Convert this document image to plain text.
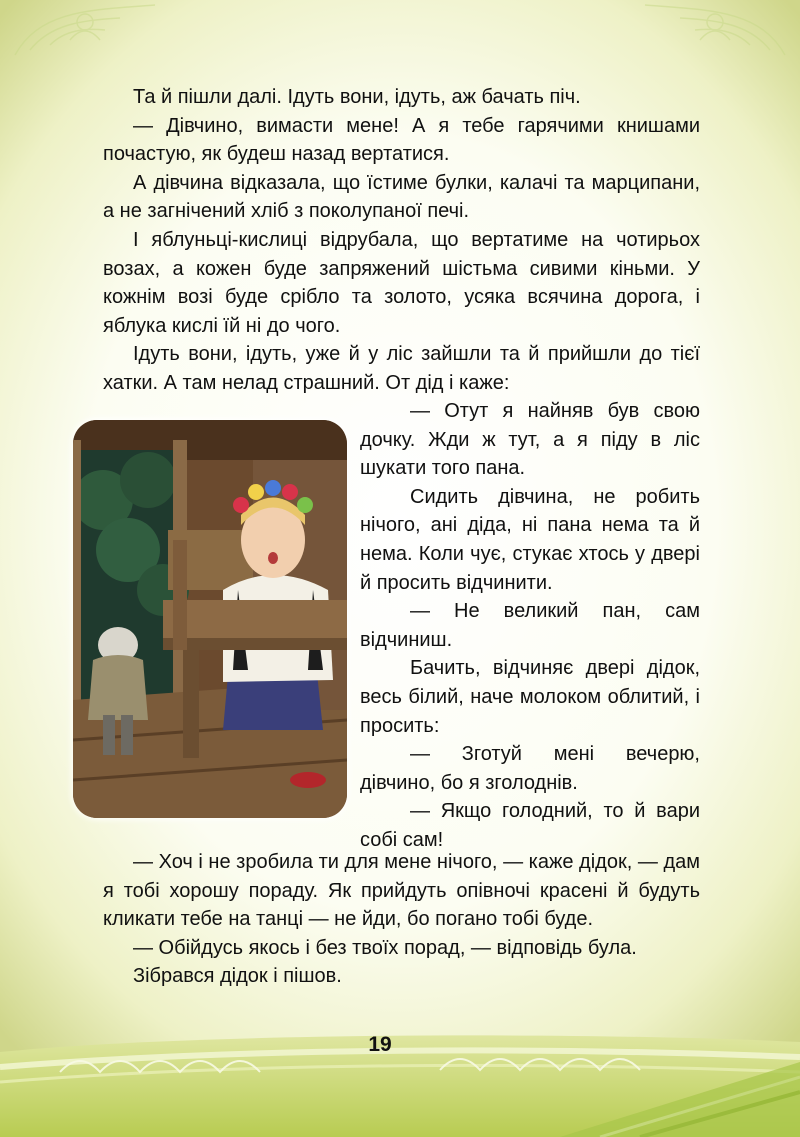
Та й пішли далі. Ідуть вони, ідуть, аж бачать піч.

— Дівчино, вимасти мене! А я тебе гарячими книшами почастую, як будеш назад вертатися.

А дівчина відказала, що їстиме булки, калачі та марципани, а не загнічений хліб з поколупаної печі.

І яблуньці-кислиці відрубала, що вертатиме на чотирьох возах, а кожен буде запряжений шістьма сивими кіньми. У кожнім возі буде срібло та золото, усяка всячина дорога, і яблука кислі їй ні до чого.

Ідуть вони, ідуть, уже й у ліс зайшли та й прийшли до тієї хатки. А там нелад страшний. От дід і каже:

— Отут я найняв був свою дочку. Жди ж тут, а я піду в ліс шукати того пана.

Сидить дівчина, не робить нічого, ані діда, ні пана нема та й нема. Коли чує, стукає хтось у двері й просить відчинити.

— Не великий пан, сам відчиниш.

Бачить, відчиняє двері дідок, весь білий, наче молоком облитий, і просить:

— Зготуй мені вечерю, дівчино, бо я зголоднів.

— Якщо голодний, то й вари собі сам!

— Хоч і не зробила ти для мене нічого, — каже дідок, — дам я тобі хорошу пораду. Як прийдуть опівночі красені й будуть кликати тебе на танці — не йди, бо погано тобі буде.

— Обійдусь якось і без твоїх порад, — відповідь була.

Зібрався дідок і пішов.

19
